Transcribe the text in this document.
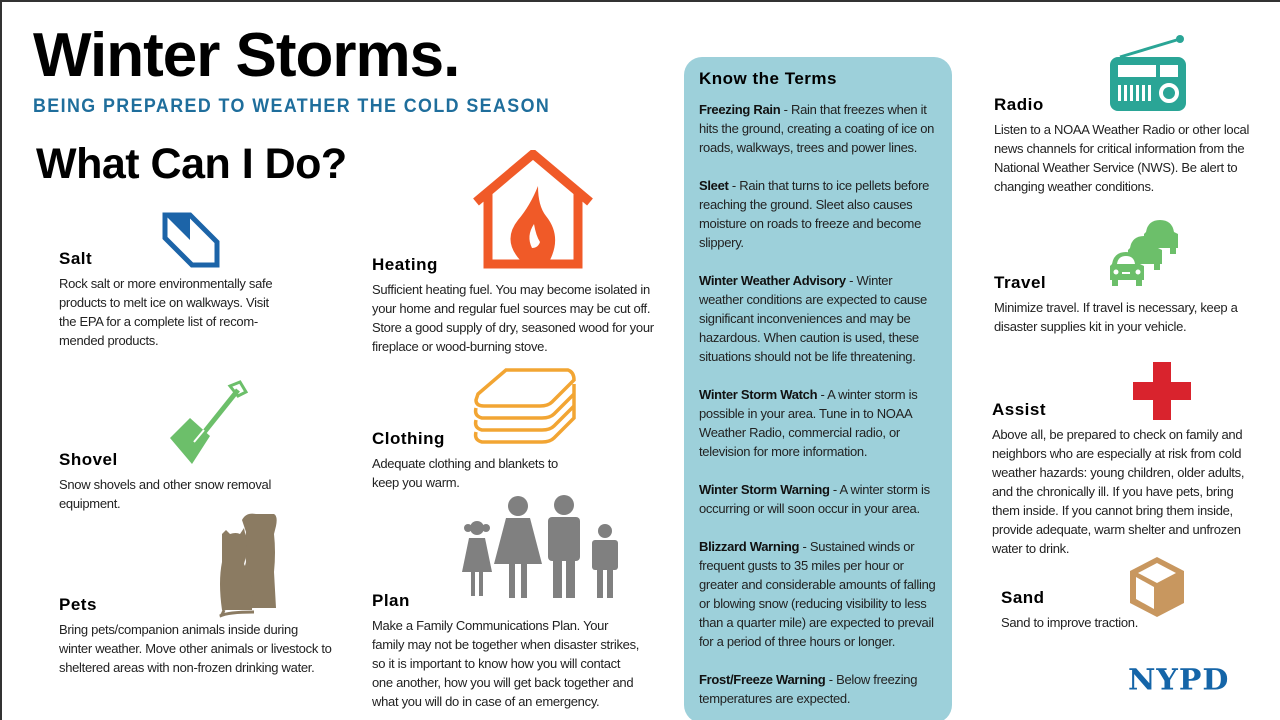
Winter Storms.
BEING PREPARED TO WEATHER THE COLD SEASON
What Can I Do?
Salt

Rock salt or more environmentally safe products to melt ice on walkways. Visit the EPA for a complete list of recom-mended products.

Shovel

Snow shovels and other snow removal equipment.

Pets

Bring pets/companion animals inside during winter weather. Move other animals or livestock to sheltered areas with non-frozen drinking water.

Heating

Sufficient heating fuel. You may become isolated in your home and regular fuel sources may be cut off. Store a good supply of dry, seasoned wood for your fireplace or wood-burning stove.

Clothing

Adequate clothing and blankets to keep you warm.

Plan

Make a Family Communications Plan. Your family may not be together when disaster strikes, so it is important to know how you will contact one another, how you will get back together and what you will do in case of an emergency.

Know the Terms
Freezing Rain - Rain that freezes when it hits the ground, creating a coating of ice on roads, walkways, trees and power lines.
Sleet - Rain that turns to ice pellets before reaching the ground. Sleet also causes moisture on roads to freeze and become slippery.
Winter Weather Advisory - Winter weather conditions are expected to cause significant inconveniences and may be hazardous. When caution is used, these situations should not be life threatening.
Winter Storm Watch - A winter storm is possible in your area. Tune in to NOAA Weather Radio, commercial radio, or television for more information.
Winter Storm Warning - A winter storm is occurring or will soon occur in your area.
Blizzard Warning - Sustained winds or frequent gusts to 35 miles per hour or greater and considerable amounts of falling or blowing snow (reducing visibility to less than a quarter mile) are expected to prevail for a period of three hours or longer.
Frost/Freeze Warning - Below freezing temperatures are expected.
Radio

Listen to a NOAA Weather Radio or other local news channels for critical information from the National Weather Service (NWS). Be alert to changing weather conditions.

Travel

Minimize travel. If travel is necessary, keep a disaster supplies kit in your vehicle.

Assist

Above all, be prepared to check on family and neighbors who are especially at risk from cold weather hazards: young children, older adults, and the chronically ill. If you have pets, bring them inside. If you cannot bring them inside, provide adequate, warm shelter and unfrozen water to drink.

Sand

Sand to improve traction.

NYPD
